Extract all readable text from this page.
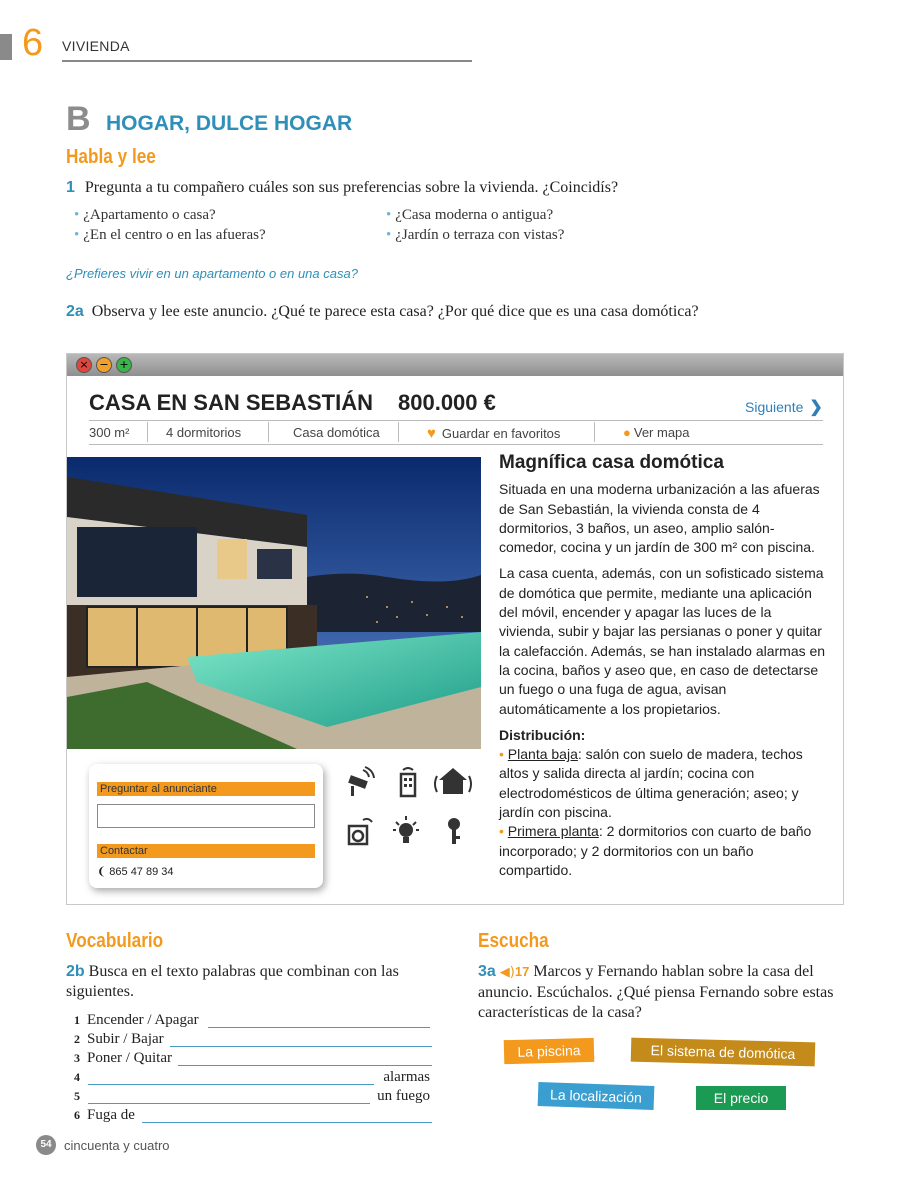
6 VIVIENDA
B HOGAR, DULCE HOGAR
Habla y lee
1 Pregunta a tu compañero cuáles son sus preferencias sobre la vivienda. ¿Coincidís?
• ¿Apartamento o casa?
• ¿En el centro o en las afueras?
• ¿Casa moderna o antigua?
• ¿Jardín o terraza con vistas?
¿Prefieres vivir en un apartamento o en una casa?
2a Observa y lee este anuncio. ¿Qué te parece esta casa? ¿Por qué dice que es una casa domótica?
× − +
CASA EN SAN SEBASTIÁN 800.000 €	Siguiente ❯
300 m²	4 dormitorios	Casa domótica	♥ Guardar en favoritos	● Ver mapa
Preguntar al anunciante
Contactar
❨ 865 47 89 34
Magnífica casa domótica

Situada en una moderna urbanización a las afueras de San Sebastián, la vivienda consta de 4 dormitorios, 3 baños, un aseo, amplio salón-comedor, cocina y un jardín de 300 m² con piscina.

La casa cuenta, además, con un sofisticado sistema de domótica que permite, mediante una aplicación del móvil, encender y apagar las luces de la vivienda, subir y bajar las persianas o poner y quitar la calefacción. Además, se han instalado alarmas en la cocina, baños y aseo que, en caso de detectarse un fuego o una fuga de agua, avisan automáticamente a los propietarios.

Distribución:
• Planta baja: salón con suelo de madera, techos altos y salida directa al jardín; cocina con electrodomésticos de última generación; aseo; y jardín con piscina.
• Primera planta: 2 dormitorios con cuarto de baño incorporado; y 2 dormitorios con un baño compartido.
Vocabulario
2b Busca en el texto palabras que combinan con las siguientes.
1 Encender / Apagar
2 Subir / Bajar
3 Poner / Quitar
4	alarmas
5	un fuego
6 Fuga de
Escucha
3a ◀)17 Marcos y Fernando hablan sobre la casa del anuncio. Escúchalos. ¿Qué piensa Fernando sobre estas características de la casa?
La piscina	El sistema de domótica
La localización	El precio
54 cincuenta y cuatro
